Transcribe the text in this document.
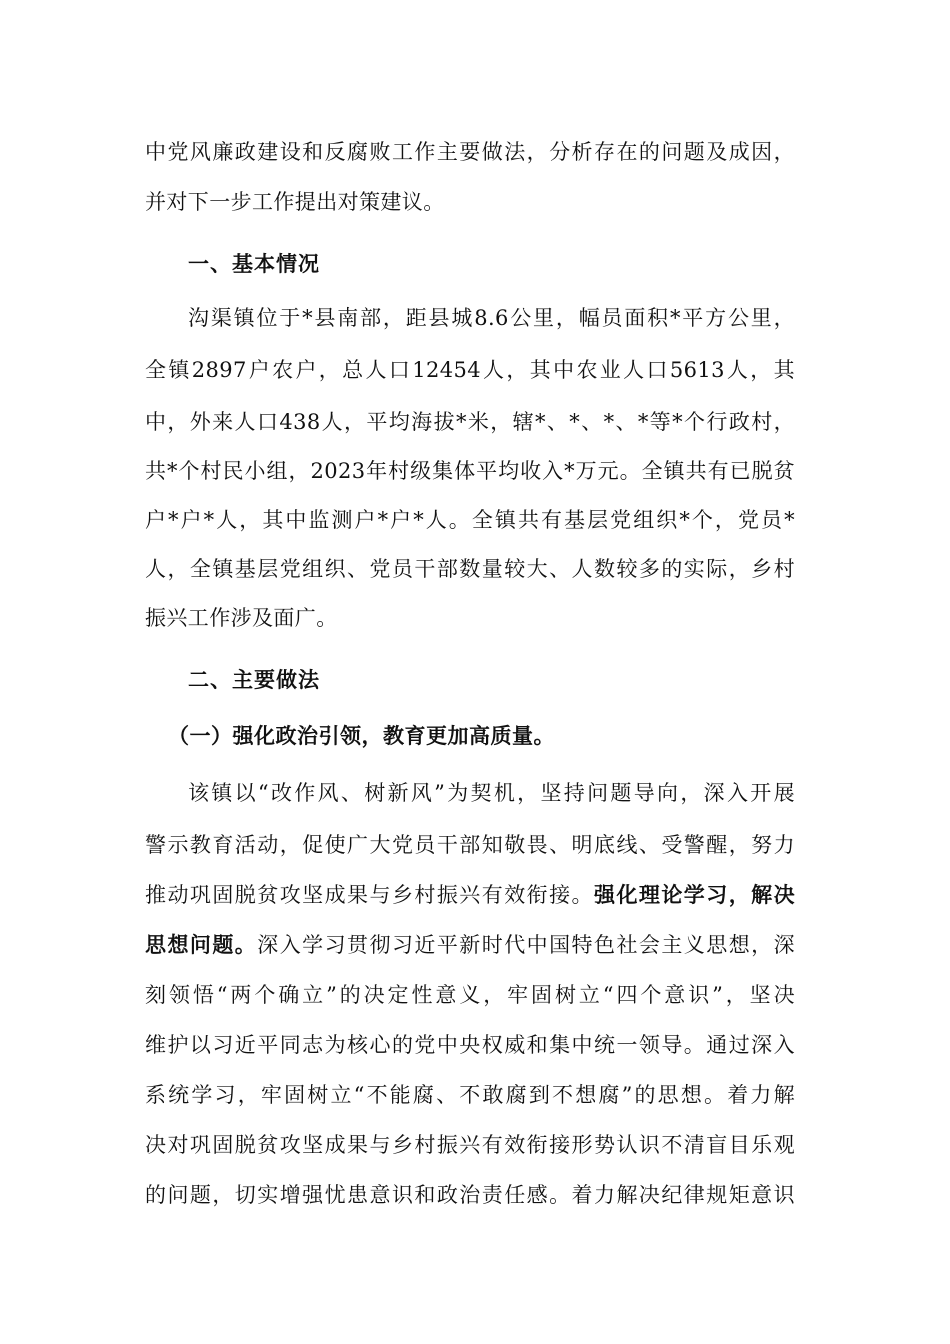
中党风廉政建设和反腐败工作主要做法，分析存在的问题及成因，
并对下一步工作提出对策建议。
一、基本情况
沟渠镇位于*县南部，距县城8.6公里，幅员面积*平方公里，
全镇2897户农户，总人口12454人，其中农业人口5613人，其
中，外来人口438人，平均海拔*米，辖*、*、*、*等*个行政村，
共*个村民小组，2023年村级集体平均收入*万元。全镇共有已脱贫
户*户*人，其中监测户*户*人。全镇共有基层党组织*个，党员*
人，全镇基层党组织、党员干部数量较大、人数较多的实际，乡村
振兴工作涉及面广。
二、主要做法
（一）强化政治引领，教育更加高质量。
该镇以“改作风、树新风”为契机，坚持问题导向，深入开展
警示教育活动，促使广大党员干部知敬畏、明底线、受警醒，努力
推动巩固脱贫攻坚成果与乡村振兴有效衔接。强化理论学习，解决
思想问题。深入学习贯彻习近平新时代中国特色社会主义思想，深
刻领悟“两个确立”的决定性意义，牢固树立“四个意识”，坚决
维护以习近平同志为核心的党中央权威和集中统一领导。通过深入
系统学习，牢固树立“不能腐、不敢腐到不想腐”的思想。着力解
决对巩固脱贫攻坚成果与乡村振兴有效衔接形势认识不清盲目乐观
的问题，切实增强忧患意识和政治责任感。着力解决纪律规矩意识
